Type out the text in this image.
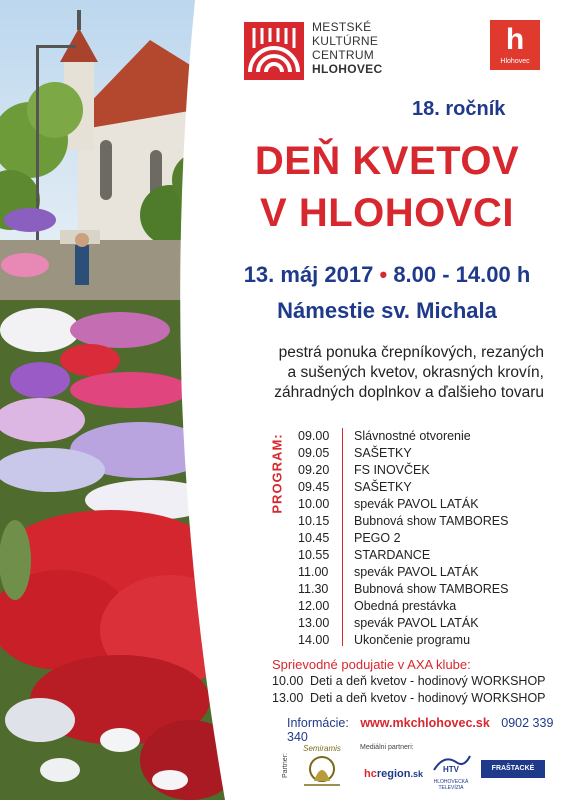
MESTSKÉ
KULTÚRNE
CENTRUM
HLOHOVEC
h
Hlohovec
18. ročník
DEŇ KVETOV
V HLOHOVCI
13. máj 2017 • 8.00 - 14.00 h
Námestie sv. Michala
pestrá ponuka črepníkových, rezaných
a sušených kvetov, okrasných krovín,
záhradných doplnkov a ďalšieho tovaru
PROGRAM: 09.00	Slávnostné otvorenie
09.05	SAŠETKY
09.20	FS INOVČEK
09.45	SAŠETKY
10.00	spevák PAVOL LATÁK
10.15	Bubnová show TAMBORES
10.45	PEGO 2
10.55	STARDANCE
11.00	spevák PAVOL LATÁK
11.30	Bubnová show TAMBORES
12.00	Obedná prestávka
13.00	spevák PAVOL LATÁK
14.00	Ukončenie programu
Sprievodné podujatie v AXA klube:
10.00 Deti a deň kvetov - hodinový WORKSHOP
13.00 Deti a deň kvetov - hodinový WORKSHOP
Informácie: www.mkchlohovec.sk 0902 339 340
Partner:
Semiramis	Mediálni partneri:
hcregion.sk	HTV
HLOHOVECKÁ TELEVÍZIA
FRAŠTACKÉ NOVINY
